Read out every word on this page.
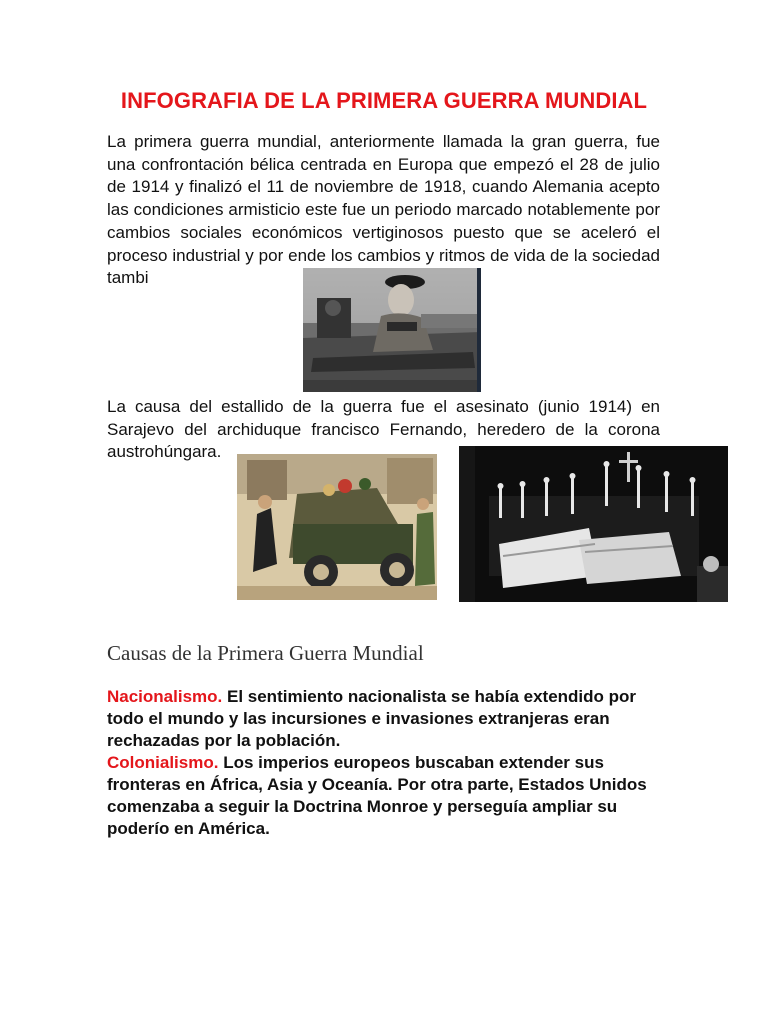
INFOGRAFIA DE LA PRIMERA GUERRA MUNDIAL

La primera guerra mundial, anteriormente llamada la gran guerra, fue una confrontación bélica centrada en Europa que empezó el 28 de julio de 1914 y finalizó el 11 de noviembre de 1918, cuando Alemania acepto las condiciones armisticio este fue un periodo marcado notablemente por cambios sociales económicos vertiginosos puesto que se aceleró el proceso industrial y por ende los cambios y ritmos de vida de la sociedad tambi

La causa del estallido de la guerra fue el asesinato (junio 1914) en Sarajevo del archiduque francisco Fernando, heredero de la corona austrohúngara.

Causas de la Primera Guerra Mundial

Nacionalismo. El sentimiento nacionalista se había extendido por todo el mundo y las incursiones e invasiones extranjeras eran rechazadas por la población.
Colonialismo. Los imperios europeos buscaban extender sus fronteras en África, Asia y Oceanía. Por otra parte, Estados Unidos comenzaba a seguir la Doctrina Monroe y perseguía ampliar su poderío en América.
